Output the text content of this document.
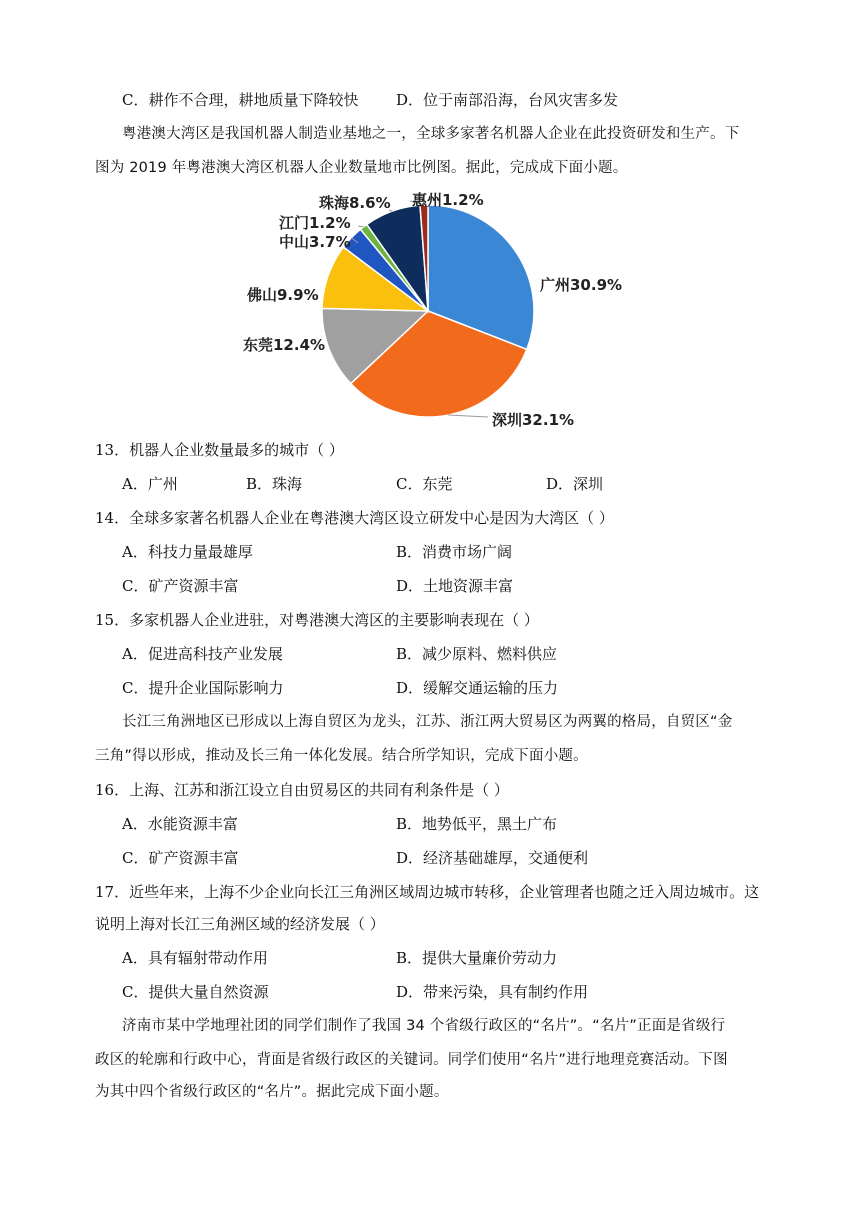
C．耕作不合理，耕地质量下降较快	D．位于南部沿海，台风灾害多发
粤港澳大湾区是我国机器人制造业基地之一，全球多家著名机器人企业在此投资研发和生产。下
图为 2019 年粤港澳大湾区机器人企业数量地市比例图。据此，完成成下面小题。
广州30.9%
深圳32.1%
东莞12.4%
佛山9.9%
中山3.7%
江门1.2%
珠海8.6% 惠州1.2%
13．机器人企业数量最多的城市（ ）
A．广州	B．珠海	C．东莞	D．深圳
14．全球多家著名机器人企业在粤港澳大湾区设立研发中心是因为大湾区（ ）
A．科技力量最雄厚	B．消费市场广阔
C．矿产资源丰富	D．土地资源丰富
15．多家机器人企业进驻，对粤港澳大湾区的主要影响表现在（ ）
A．促进高科技产业发展	B．减少原料、燃料供应
C．提升企业国际影响力	D．缓解交通运输的压力
长江三角洲地区已形成以上海自贸区为龙头，江苏、浙江两大贸易区为两翼的格局，自贸区“金
三角”得以形成，推动及长三角一体化发展。结合所学知识，完成下面小题。
16．上海、江苏和浙江设立自由贸易区的共同有利条件是（ ）
A．水能资源丰富	B．地势低平，黑土广布
C．矿产资源丰富	D．经济基础雄厚，交通便利
17．近些年来，上海不少企业向长江三角洲区域周边城市转移，企业管理者也随之迁入周边城市。这
说明上海对长江三角洲区域的经济发展（ ）
A．具有辐射带动作用	B．提供大量廉价劳动力
C．提供大量自然资源	D．带来污染，具有制约作用
济南市某中学地理社团的同学们制作了我国 34 个省级行政区的“名片”。“名片”正面是省级行
政区的轮廓和行政中心，背面是省级行政区的关键词。同学们使用“名片”进行地理竞赛活动。下图
为其中四个省级行政区的“名片”。据此完成下面小题。
